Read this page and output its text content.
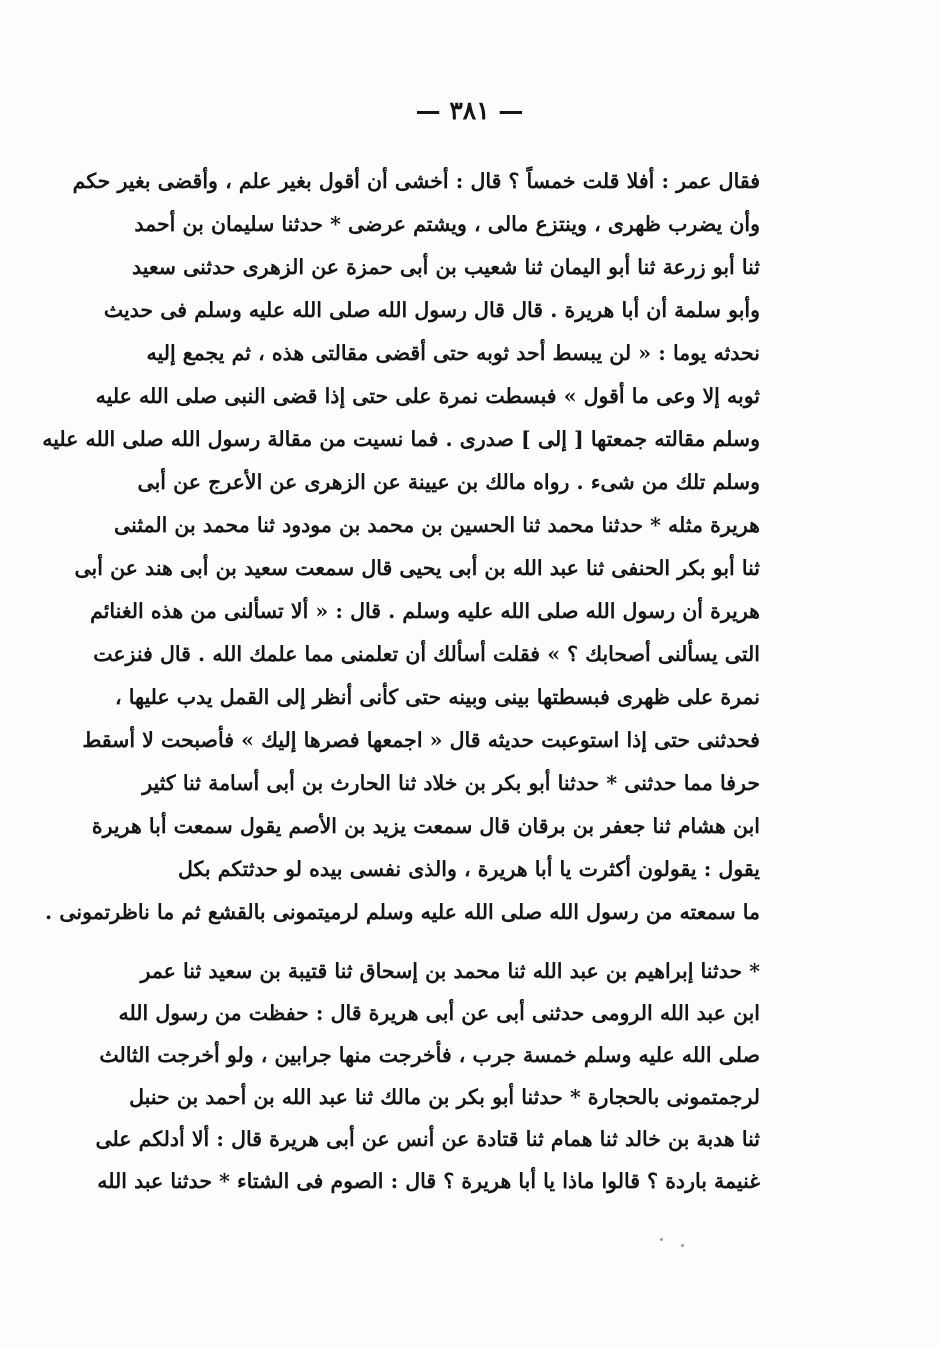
— ٣٨١ —
فقال عمر : أفلا قلت خمساً ؟ قال : أخشى أن أقول بغير علم ، وأقضى بغير حكم
وأن يضرب ظهرى ، وينتزع مالى ، ويشتم عرضى * حدثنا سليمان بن أحمد
ثنا أبو زرعة ثنا أبو اليمان ثنا شعيب بن أبى حمزة عن الزهرى حدثنى سعيد
وأبو سلمة أن أبا هريرة . قال قال رسول الله صلى الله عليه وسلم فى حديث
نحدثه يوما : « لن يبسط أحد ثوبه حتى أقضى مقالتى هذه ، ثم يجمع إليه
ثوبه إلا وعى ما أقول » فبسطت نمرة على حتى إذا قضى النبى صلى الله عليه
وسلم مقالته جمعتها [ إلى ] صدرى . فما نسيت من مقالة رسول الله صلى الله عليه
وسلم تلك من شىء . رواه مالك بن عيينة عن الزهرى عن الأعرج عن أبى
هريرة مثله * حدثنا محمد ثنا الحسين بن محمد بن مودود ثنا محمد بن المثنى
ثنا أبو بكر الحنفى ثنا عبد الله بن أبى يحيى قال سمعت سعيد بن أبى هند عن أبى
هريرة أن رسول الله صلى الله عليه وسلم . قال : « ألا تسألنى من هذه الغنائم
التى يسألنى أصحابك ؟ » فقلت أسألك أن تعلمنى مما علمك الله . قال فنزعت
نمرة على ظهرى فبسطتها بينى وبينه حتى كأنى أنظر إلى القمل يدب عليها ،
فحدثنى حتى إذا استوعبت حديثه قال « اجمعها فصرها إليك » فأصبحت لا أسقط
حرفا مما حدثنى * حدثنا أبو بكر بن خلاد ثنا الحارث بن أبى أسامة ثنا كثير
ابن هشام ثنا جعفر بن برقان قال سمعت يزيد بن الأصم يقول سمعت أبا هريرة
يقول : يقولون أكثرت يا أبا هريرة ، والذى نفسى بيده لو حدثتكم بكل
ما سمعته من رسول الله صلى الله عليه وسلم لرميتمونى بالقشع ثم ما ناظرتمونى .
* حدثنا إبراهيم بن عبد الله ثنا محمد بن إسحاق ثنا قتيبة بن سعيد ثنا عمر
ابن عبد الله الرومى حدثنى أبى عن أبى هريرة قال : حفظت من رسول الله
صلى الله عليه وسلم خمسة جرب ، فأخرجت منها جرابين ، ولو أخرجت الثالث
لرجمتمونى بالحجارة * حدثنا أبو بكر بن مالك ثنا عبد الله بن أحمد بن حنبل
ثنا هدبة بن خالد ثنا همام ثنا قتادة عن أنس عن أبى هريرة قال : ألا أدلكم على
غنيمة باردة ؟ قالوا ماذا يا أبا هريرة ؟ قال : الصوم فى الشتاء * حدثنا عبد الله
